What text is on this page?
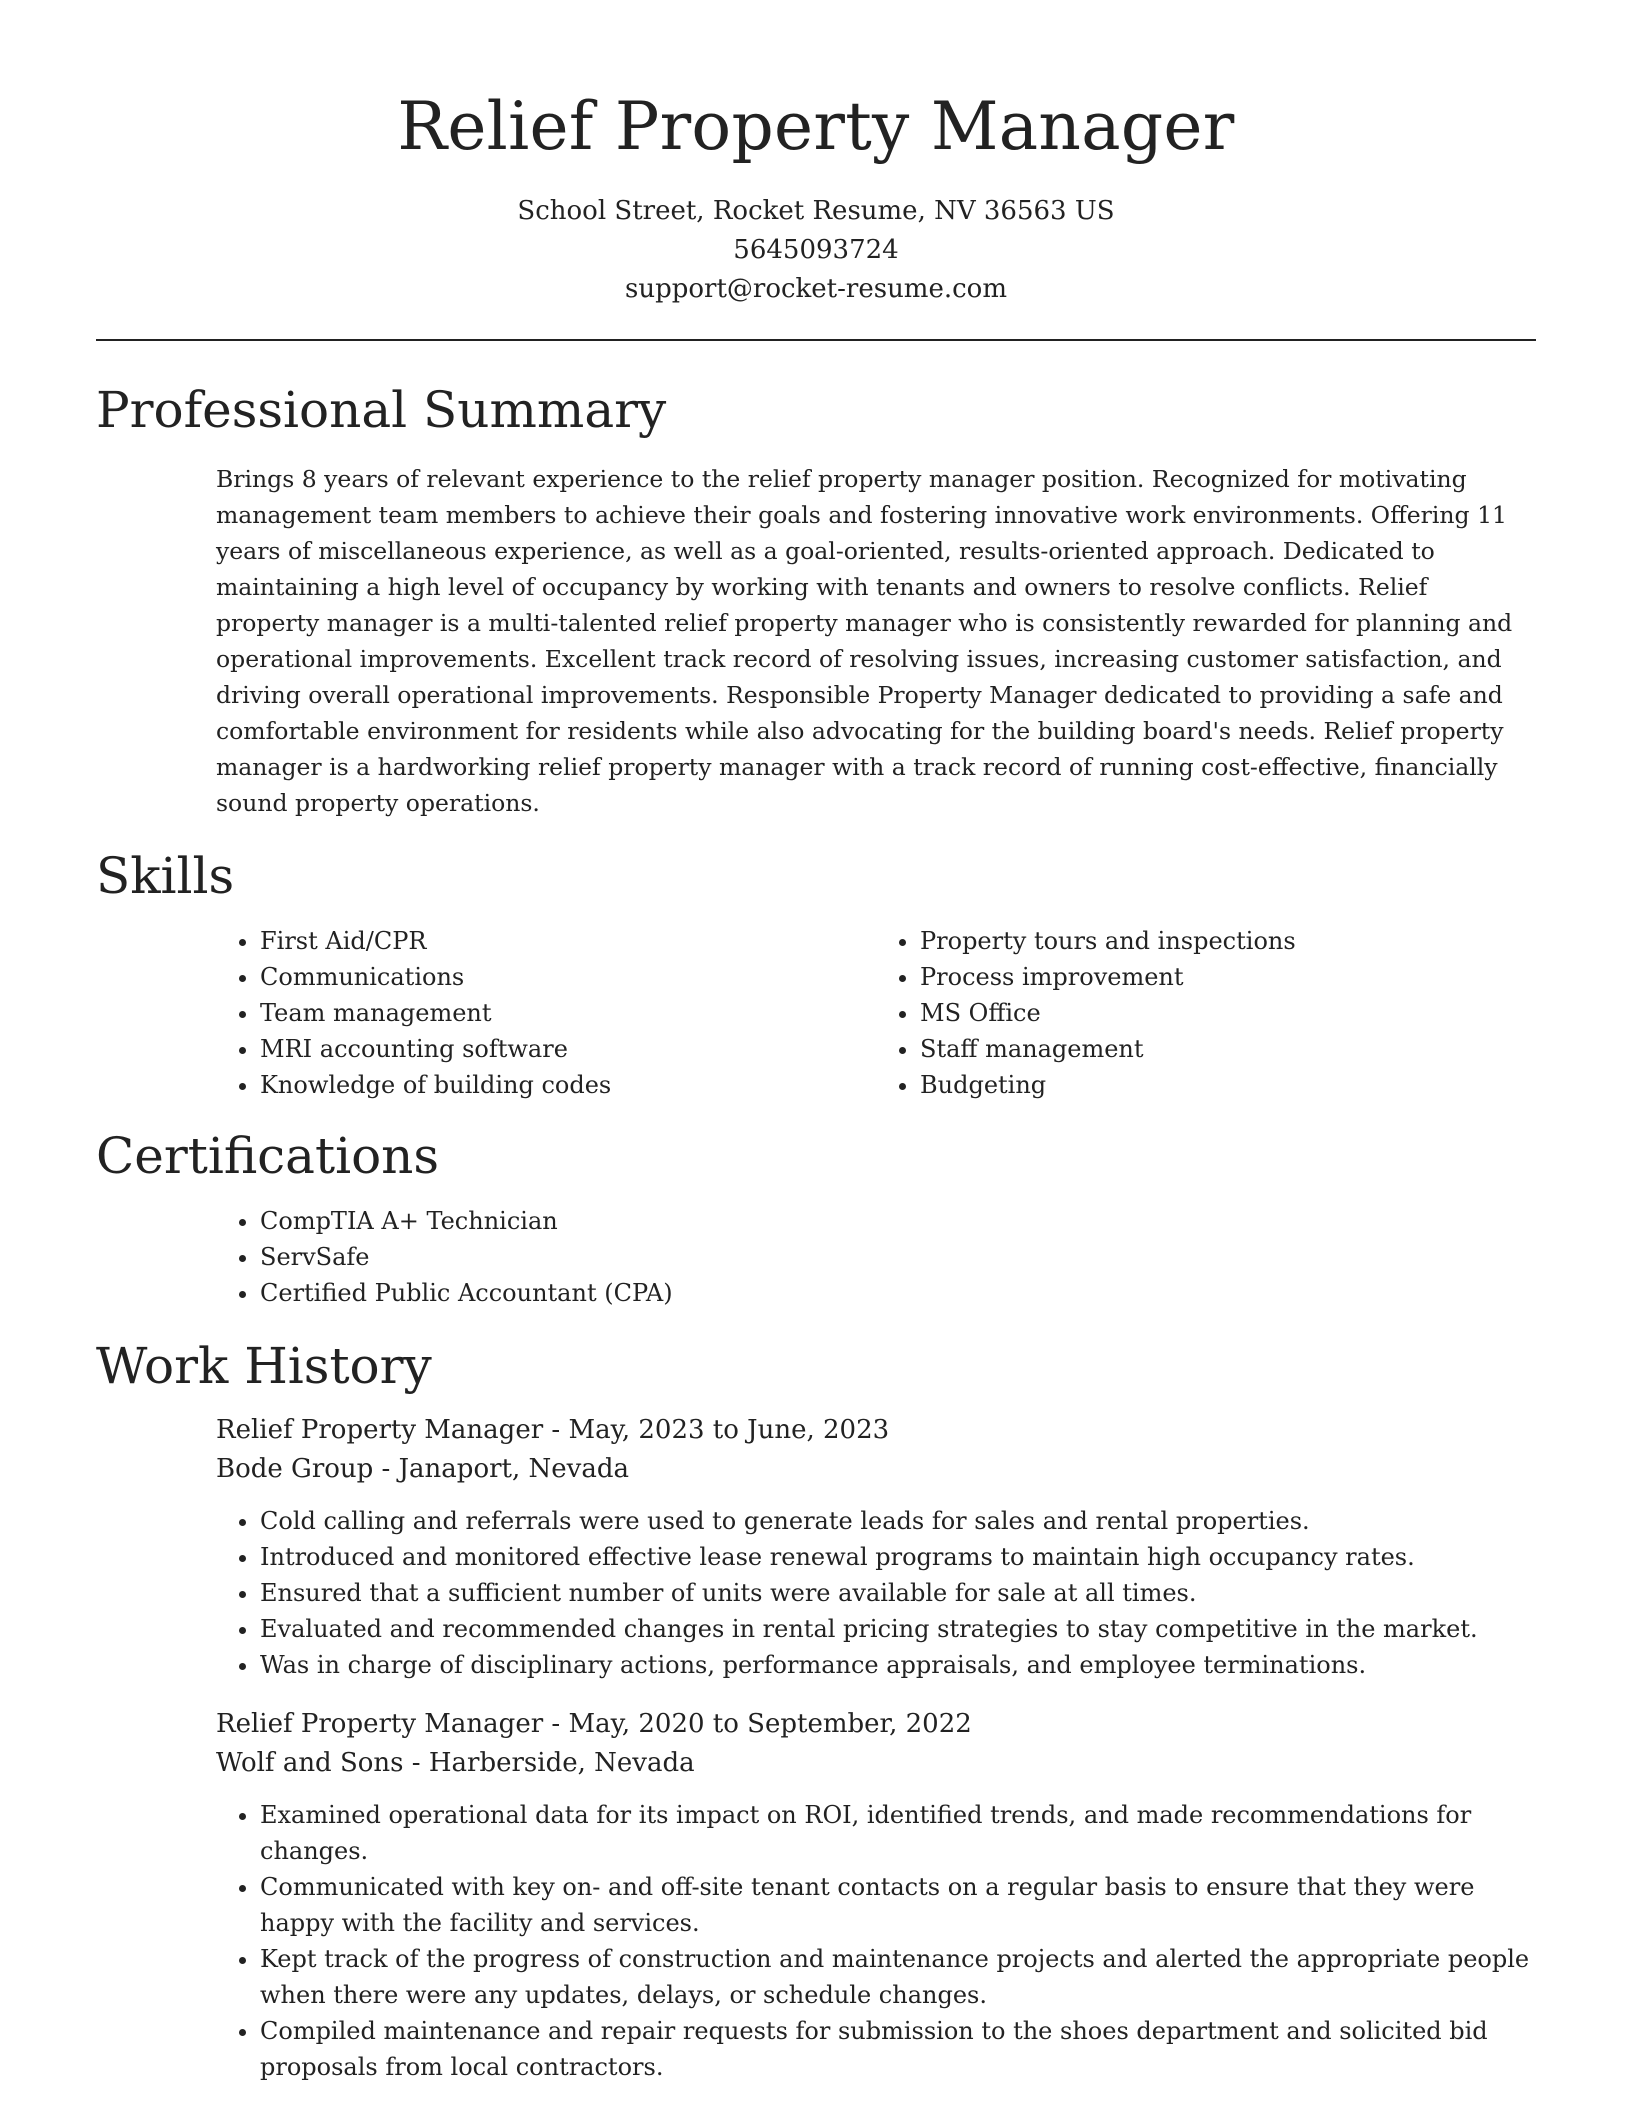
Relief Property Manager
School Street, Rocket Resume, NV 36563 US
5645093724
support@rocket-resume.com
Professional Summary

Brings 8 years of relevant experience to the relief property manager position. Recognized for motivating management team members to achieve their goals and fostering innovative work environments. Offering 11 years of miscellaneous experience, as well as a goal-oriented, results-oriented approach. Dedicated to maintaining a high level of occupancy by working with tenants and owners to resolve conflicts. Relief property manager is a multi-talented relief property manager who is consistently rewarded for planning and operational improvements. Excellent track record of resolving issues, increasing customer satisfaction, and driving overall operational improvements. Responsible Property Manager dedicated to providing a safe and comfortable environment for residents while also advocating for the building board's needs. Relief property manager is a hardworking relief property manager with a track record of running cost-effective, financially sound property operations.

Skills
• First Aid/CPR
• Communications
• Team management
• MRI accounting software
• Knowledge of building codes
• Property tours and inspections
• Process improvement
• MS Office
• Staff management
• Budgeting
Certifications
• CompTIA A+ Technician
• ServSafe
• Certified Public Accountant (CPA)
Work History
Relief Property Manager - May, 2023 to June, 2023
Bode Group - Janaport, Nevada
• Cold calling and referrals were used to generate leads for sales and rental properties.
• Introduced and monitored effective lease renewal programs to maintain high occupancy rates.
• Ensured that a sufficient number of units were available for sale at all times.
• Evaluated and recommended changes in rental pricing strategies to stay competitive in the market.
• Was in charge of disciplinary actions, performance appraisals, and employee terminations.
Relief Property Manager - May, 2020 to September, 2022
Wolf and Sons - Harberside, Nevada
• Examined operational data for its impact on ROI, identified trends, and made recommendations for changes.
• Communicated with key on- and off-site tenant contacts on a regular basis to ensure that they were happy with the facility and services.
• Kept track of the progress of construction and maintenance projects and alerted the appropriate people when there were any updates, delays, or schedule changes.
• Compiled maintenance and repair requests for submission to the shoes department and solicited bid proposals from local contractors.
